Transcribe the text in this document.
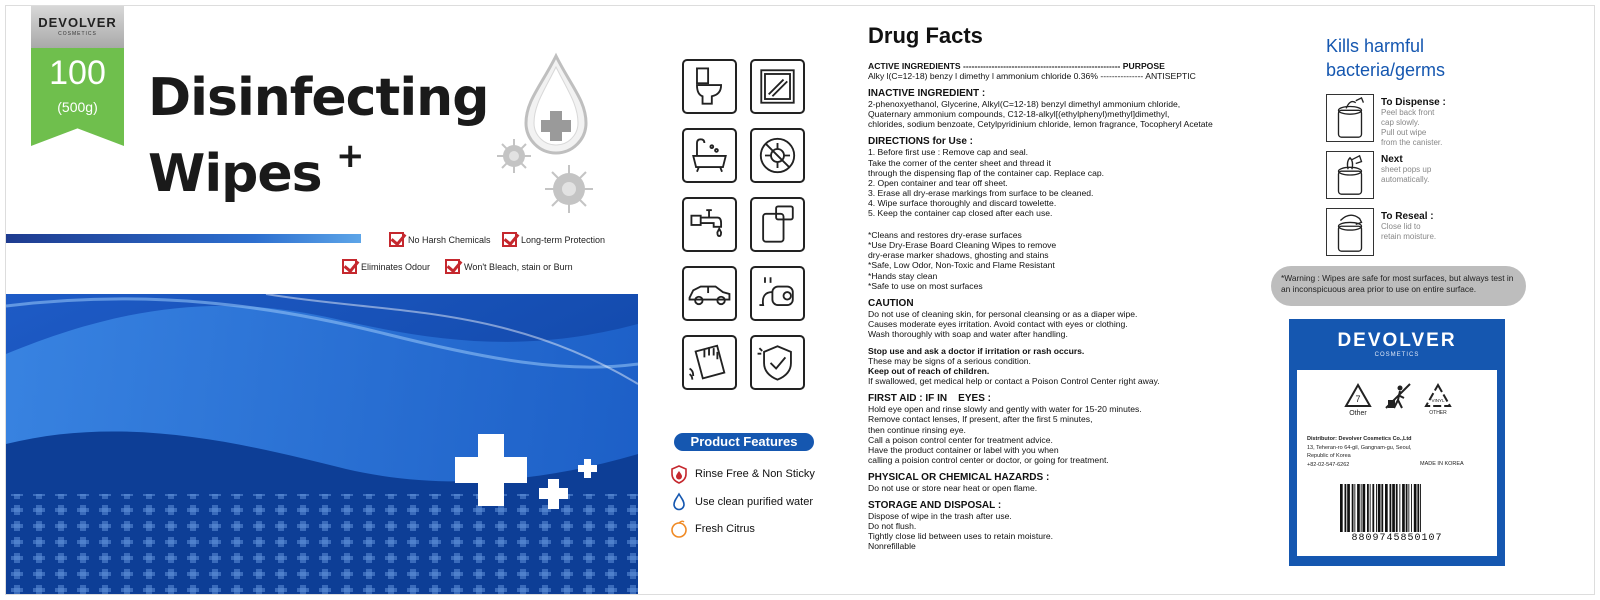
DEVOLVER
COSMETICS
100
(500g) Disinfecting
Wipes +
No Harsh Chemicals	Long-term Protection
Eliminates Odour	Won't Bleach, stain or Burn
Product Features
Rinse Free & Non Sticky
Use clean purified water
Fresh Citrus
Drug Facts
ACTIVE INGREDIENTS ------------------------------------------------------- PURPOSE
Alky l(C=12-18) benzy l dimethy l ammonium chloride 0.36% --------------- ANTISEPTIC
INACTIVE INGREDIENT :
2-phenoxyethanol, Glycerine, Alkyl(C=12-18) benzyl dimethyl ammonium chloride,
Quaternary ammonium compounds, C12-18-alkyl[(ethylphenyl)methyl]dimethyl,
chlorides, sodium benzoate, Cetylpyridinium chloride, lemon fragrance, Tocopheryl Acetate
DIRECTIONS for Use :
1. Before first use : Remove cap and seal.
Take the corner of the center sheet and thread it
through the dispensing flap of the container cap. Replace cap.
2. Open container and tear off sheet.
3. Erase all dry-erase markings from surface to be cleaned.
4. Wipe surface thoroughly and discard towelette.
5. Keep the container cap closed after each use.
*Cleans and restores dry-erase surfaces
*Use Dry-Erase Board Cleaning Wipes to remove
dry-erase marker shadows, ghosting and stains
*Safe, Low Odor, Non-Toxic and Flame Resistant
*Hands stay clean
*Safe to use on most surfaces
CAUTION
Do not use of cleaning skin, for personal cleansing or as a diaper wipe.
Causes moderate eyes irritation. Avoid contact with eyes or clothing.
Wash thoroughly with soap and water after handling.
Stop use and ask a doctor if irritation or rash occurs.
These may be signs of a serious condition.
Keep out of reach of children.
If swallowed, get medical help or contact a Poison Control Center right away.
FIRST AID : IF IN    EYES :
Hold eye open and rinse slowly and gently with water for 15-20 minutes.
Remove contact lenses, If present, after the first 5 minutes,
then continue rinsing eye.
Call a poison control center for treatment advice.
Have the product container or label with you when
calling a poision control center or doctor, or going for treatment.
PHYSICAL OR CHEMICAL HAZARDS :
Do not use or store near heat or open flame.
STORAGE AND DISPOSAL :
Dispose of wipe in the trash after use.
Do not flush.
Tightly close lid between uses to retain moisture.
Nonrefillable
Kills harmful
bacteria/germs
To Dispense :
Peel back front
cap slowly.
Pull out wipe
from the canister.
Next
sheet pops up
automatically.
To Reseal :
Close lid to
retain moisture.
*Warning : Wipes are safe for most surfaces, but always test in an inconspicuous area prior to use on entire surface.
DEVOLVER
COSMETICS
7
Other
VINYL
OTHER
Distributor: Devolver Cosmetics Co.,Ltd
13, Teheran-ro 64-gil, Gangnam-gu, Seoul,
Republic of Korea
+82-02-547-6262	MADE IN KOREA
8809745850107
